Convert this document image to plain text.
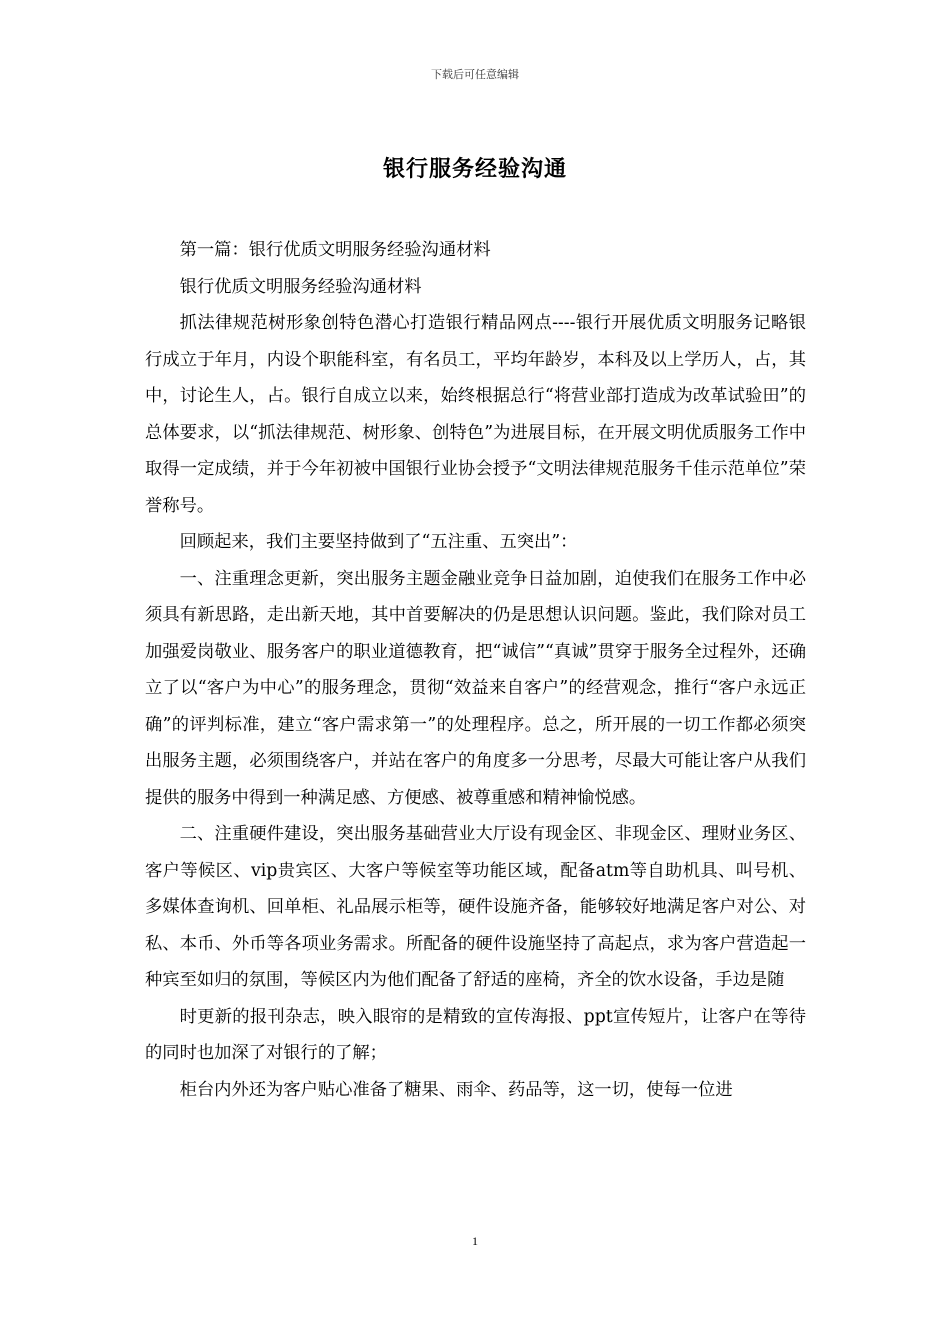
下载后可任意编辑
银行服务经验沟通

第一篇：银行优质文明服务经验沟通材料

银行优质文明服务经验沟通材料

抓法律规范树形象创特色潜心打造银行精品网点----银行开展优质文明服务记略银行成立于年月，内设个职能科室，有名员工，平均年龄岁，本科及以上学历人，占，其中，讨论生人，占。银行自成立以来，始终根据总行“将营业部打造成为改革试验田”的总体要求，以“抓法律规范、树形象、创特色”为进展目标，在开展文明优质服务工作中取得一定成绩，并于今年初被中国银行业协会授予“文明法律规范服务千佳示范单位”荣誉称号。

回顾起来，我们主要坚持做到了“五注重、五突出”：

一、注重理念更新，突出服务主题金融业竞争日益加剧，迫使我们在服务工作中必须具有新思路，走出新天地，其中首要解决的仍是思想认识问题。鉴此，我们除对员工加强爱岗敬业、服务客户的职业道德教育，把“诚信”“真诚”贯穿于服务全过程外，还确立了以“客户为中心”的服务理念，贯彻“效益来自客户”的经营观念，推行“客户永远正确”的评判标准，建立“客户需求第一”的处理程序。总之，所开展的一切工作都必须突出服务主题，必须围绕客户，并站在客户的角度多一分思考，尽最大可能让客户从我们提供的服务中得到一种满足感、方便感、被尊重感和精神愉悦感。

二、注重硬件建设，突出服务基础营业大厅设有现金区、非现金区、理财业务区、客户等候区、vip贵宾区、大客户等候室等功能区域，配备atm等自助机具、叫号机、多媒体查询机、回单柜、礼品展示柜等，硬件设施齐备，能够较好地满足客户对公、对私、本币、外币等各项业务需求。所配备的硬件设施坚持了高起点，求为客户营造起一种宾至如归的氛围，等候区内为他们配备了舒适的座椅，齐全的饮水设备，手边是随

时更新的报刊杂志，映入眼帘的是精致的宣传海报、ppt宣传短片，让客户在等待的同时也加深了对银行的了解；

柜台内外还为客户贴心准备了糖果、雨伞、药品等，这一切，使每一位进

1
